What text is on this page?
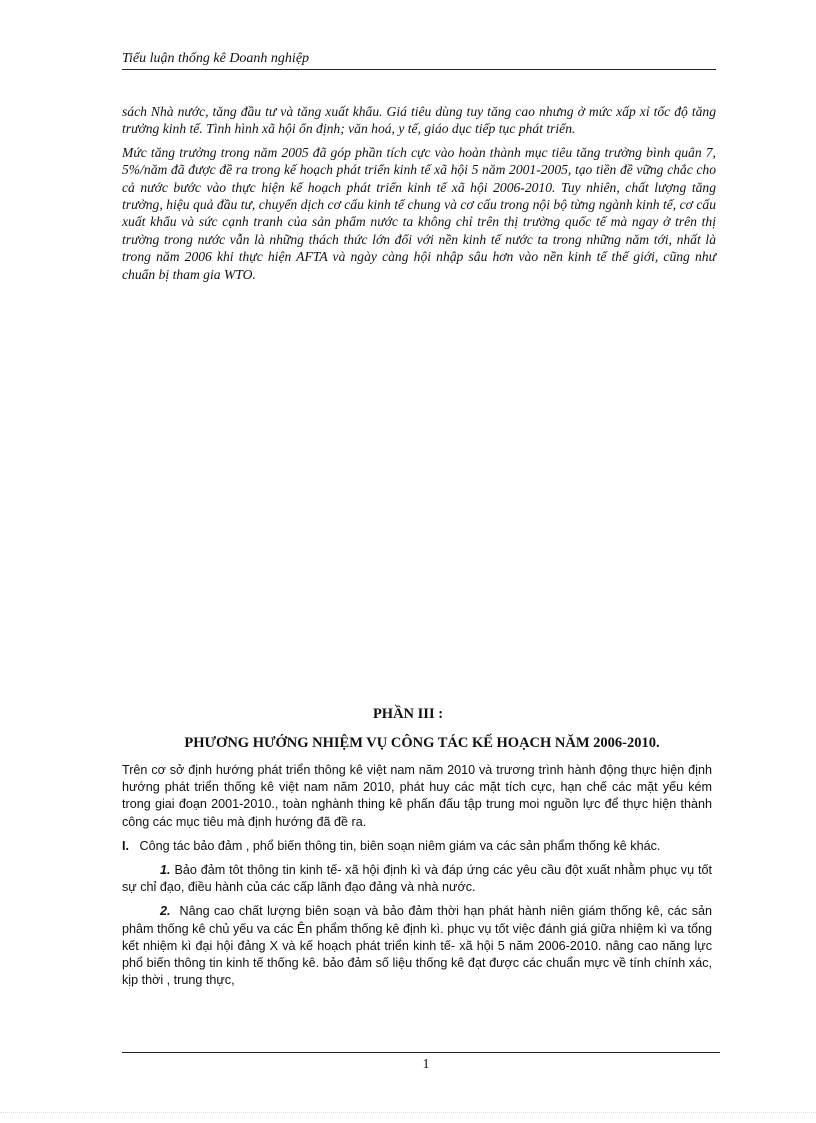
Tiểu luận thống kê Doanh nghiệp

sách Nhà nước, tăng đầu tư và tăng xuất khẩu. Giá tiêu dùng tuy tăng cao nhưng ở mức xấp xỉ tốc độ tăng trưởng kinh tế. Tình hình xã hội ổn định; văn hoá, y tế, giáo dục tiếp tục phát triển.

Mức tăng trưởng trong năm 2005 đã góp phần tích cực vào hoàn thành mục tiêu tăng trưởng bình quân 7, 5%/năm đã được đề ra trong kế hoạch phát triển kinh tế xã hội 5 năm 2001-2005, tạo tiền đề vững chắc cho cả nước bước vào thực hiện kế hoạch phát triển kinh tế xã hội 2006-2010. Tuy nhiên, chất lượng tăng trưởng, hiệu quả đầu tư, chuyển dịch cơ cấu kinh tế chung và cơ cấu trong nội bộ từng ngành kinh tế, cơ cấu xuất khẩu và sức cạnh tranh của sản phẩm nước ta không chỉ trên thị trường quốc tế mà ngay ở trên thị trường trong nước vẫn là những thách thức lớn đối với nền kinh tế nước ta trong những năm tới, nhất là trong năm 2006 khi thực hiện AFTA và ngày càng hội nhập sâu hơn vào nền kinh tế thế giới, cũng như chuẩn bị tham gia WTO.

PHẦN III :
PHƯƠNG HƯỚNG NHIỆM VỤ CÔNG TÁC KẾ HOẠCH NĂM 2006-2010.

Trên cơ sở định hướng phát triển thông kê việt nam năm 2010 và trương trình hành động thực hiện định hướng phát triển thống kê việt nam năm 2010, phát huy các mặt tích cực, hạn chế các mặt yếu kém trong giai đoạn 2001-2010., toàn nghành thing kê phấn đấu tập trung moi nguồn lực để thực hiện thành công các mục tiêu mà định hướng đã đề ra.

I. Công tác bảo đảm , phổ biến thông tin, biên soạn niêm giám va các sản phẩm thống kê khác.

1. Bảo đảm tôt thông tin kinh tế- xã hội định kì và đáp ứng các yêu cầu đột xuất nhằm phục vụ tốt sự chỉ đạo, điều hành của các cấp lãnh đạo đảng và nhà nước.

2. Nâng cao chất lượng biên soạn và bảo đảm thời hạn phát hành niên giám thống kê, các sản phâm thống kê chủ yếu va các Ên phẩm thống kê định kì. phục vụ tốt việc đánh giá giữa nhiệm kì va tổng kết nhiệm kì đại hội đảng X và kế hoạch phát triển kinh tế- xã hội 5 năm 2006-2010. nâng cao năng lực phổ biến thông tin kinh tế thống kê. bảo đảm số liệu thống kê đạt được các chuẩn mực về tính chính xác, kịp thời , trung thực,

1
